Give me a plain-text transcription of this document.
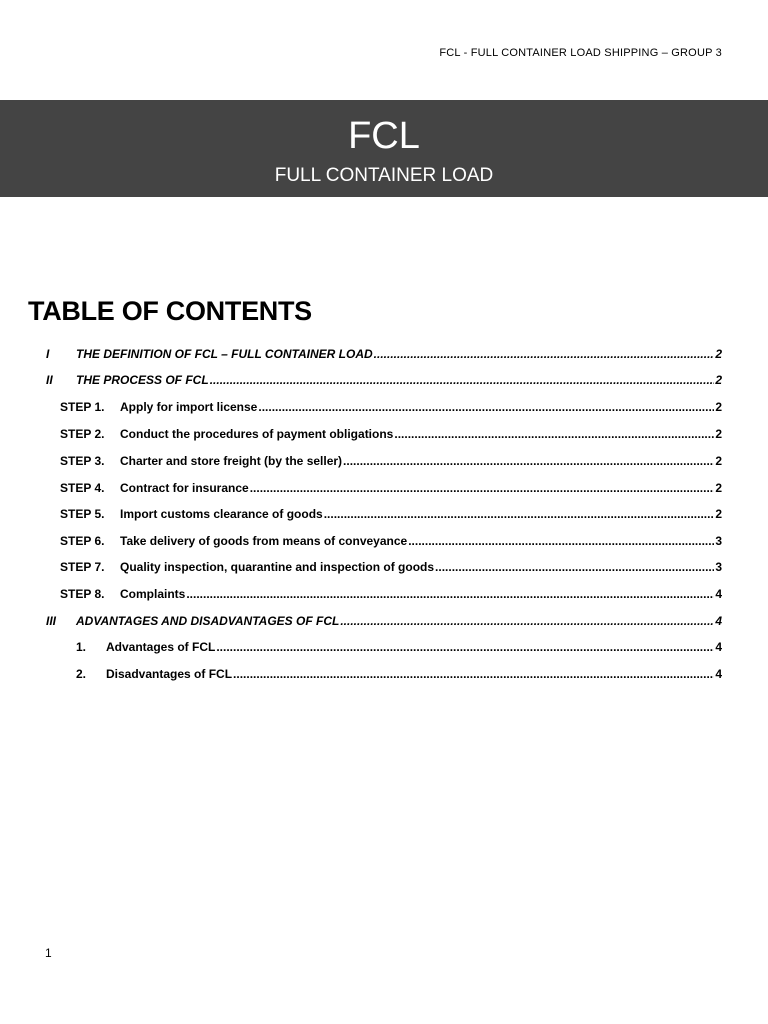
FCL - FULL CONTAINER LOAD SHIPPING – GROUP 3
FCL
FULL CONTAINER LOAD
TABLE OF CONTENTS
I	THE DEFINITION OF FCL – FULL CONTAINER LOAD .....	2
II	THE PROCESS OF FCL .....	2
STEP 1.	Apply for import license .....	2
STEP 2.	Conduct the procedures of payment obligations .....	2
STEP 3.	Charter and store freight (by the seller) .....	2
STEP 4.	Contract for insurance .....	2
STEP 5.	Import customs clearance of goods .....	2
STEP 6.	Take delivery of goods from means of conveyance .....	3
STEP 7.	Quality inspection, quarantine and inspection of goods .....	3
STEP 8.	Complaints .....	4
III	ADVANTAGES AND DISADVANTAGES OF FCL .....	4
1.	Advantages of FCL .....	4
2.	Disadvantages of FCL .....	4
1
